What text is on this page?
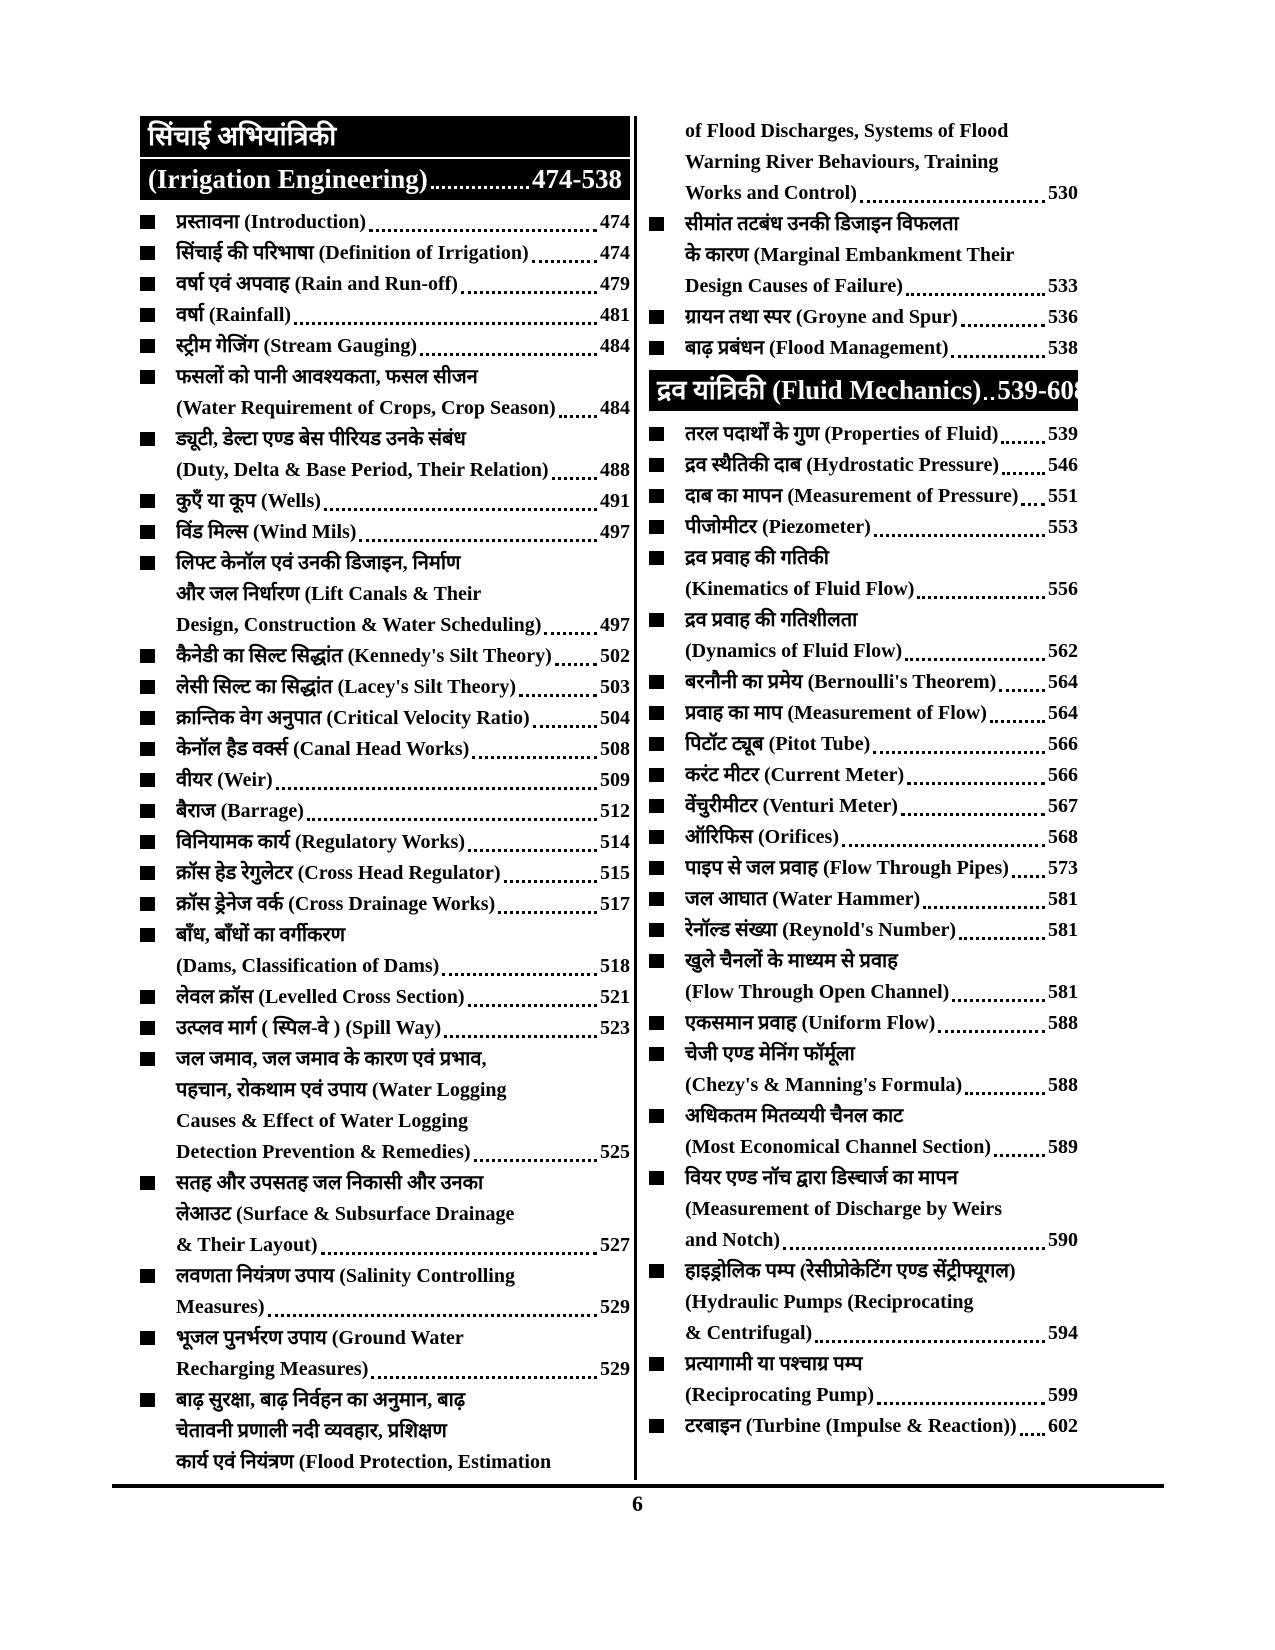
सिंचाई अभियांत्रिकी
(Irrigation Engineering)	474-538
प्रस्तावना (Introduction)	474
सिंचाई की परिभाषा (Definition of Irrigation)	474
वर्षा एवं अपवाह (Rain and Run-off)	479
वर्षा (Rainfall)	481
स्ट्रीम गेजिंग (Stream Gauging)	484
फसलों को पानी आवश्यकता, फसल सीजन
(Water Requirement of Crops, Crop Season) 484
ड्यूटी, डेल्टा एण्ड बेस पीरियड उनके संबंध
(Duty, Delta & Base Period, Their Relation)	488
कुएँ या कूप (Wells)	491
विंड मिल्स (Wind Mils)	497
लिफ्ट केनॉल एवं उनकी डिजाइन, निर्माण
और जल निर्धारण (Lift Canals & Their
Design, Construction & Water Scheduling)	497
कैनेडी का सिल्ट सिद्धांत (Kennedy's Silt Theory) 502
लेसी सिल्ट का सिद्धांत (Lacey's Silt Theory)	503
क्रान्तिक वेग अनुपात (Critical Velocity Ratio)	504
केनॉल हैड वर्क्स (Canal Head Works)	508
वीयर (Weir)	509
बैराज (Barrage)	512
विनियामक कार्य (Regulatory Works)	514
क्रॉस हेड रेगुलेटर (Cross Head Regulator)	515
क्रॉस ड्रेनेज वर्क (Cross Drainage Works)	517
बाँध, बाँधों का वर्गीकरण
(Dams, Classification of Dams)	518
लेवल क्रॉस (Levelled Cross Section)	521
उत्प्लव मार्ग ( स्पिल-वे ) (Spill Way)	523
जल जमाव, जल जमाव के कारण एवं प्रभाव,
पहचान, रोकथाम एवं उपाय (Water Logging
Causes & Effect of Water Logging
Detection Prevention & Remedies)	525
सतह और उपसतह जल निकासी और उनका
लेआउट (Surface & Subsurface Drainage
& Their Layout)	527
लवणता नियंत्रण उपाय (Salinity Controlling
Measures)	529
भूजल पुनर्भरण उपाय (Ground Water
Recharging Measures)	529
बाढ़ सुरक्षा, बाढ़ निर्वहन का अनुमान, बाढ़
चेतावनी प्रणाली नदी व्यवहार, प्रशिक्षण
कार्य एवं नियंत्रण (Flood Protection, Estimation
of Flood Discharges, Systems of Flood
Warning River Behaviours, Training
Works and Control)	530
सीमांत तटबंध उनकी डिजाइन विफलता
के कारण (Marginal Embankment Their
Design Causes of Failure)	533
ग्रायन तथा स्पर (Groyne and Spur)	536
बाढ़ प्रबंधन (Flood Management)	538
द्रव यांत्रिकी (Fluid Mechanics) 539-608
तरल पदार्थों के गुण (Properties of Fluid) 539
द्रव स्थैतिकी दाब (Hydrostatic Pressure) 546
दाब का मापन (Measurement of Pressure) 551
पीजोमीटर (Piezometer)	553
द्रव प्रवाह की गतिकी
(Kinematics of Fluid Flow)	556
द्रव प्रवाह की गतिशीलता
(Dynamics of Fluid Flow)	562
बरनौनी का प्रमेय (Bernoulli's Theorem)	564
प्रवाह का माप (Measurement of Flow)	564
पिटॉट ट्यूब (Pitot Tube)	566
करंट मीटर (Current Meter)	566
वेंचुरीमीटर (Venturi Meter)	567
ऑरिफिस (Orifices)	568
पाइप से जल प्रवाह (Flow Through Pipes) 573
जल आघात (Water Hammer)	581
रेनॉल्ड संख्या (Reynold's Number)	581
खुले चैनलों के माध्यम से प्रवाह
(Flow Through Open Channel)	581
एकसमान प्रवाह (Uniform Flow)	588
चेजी एण्ड मेनिंग फॉर्मूला
(Chezy's & Manning's Formula)	588
अधिकतम मितव्ययी चैनल काट
(Most Economical Channel Section)	589
वियर एण्ड नॉच द्वारा डिस्चार्ज का मापन
(Measurement of Discharge by Weirs
and Notch)	590
हाइड्रोलिक पम्प (रेसीप्रोकेटिंग एण्ड सेंट्रीफ्यूगल)
(Hydraulic Pumps (Reciprocating
& Centrifugal)	594
प्रत्यागामी या पश्चाग्र पम्प
(Reciprocating Pump)	599
टरबाइन (Turbine (Impulse & Reaction)) 602
6
